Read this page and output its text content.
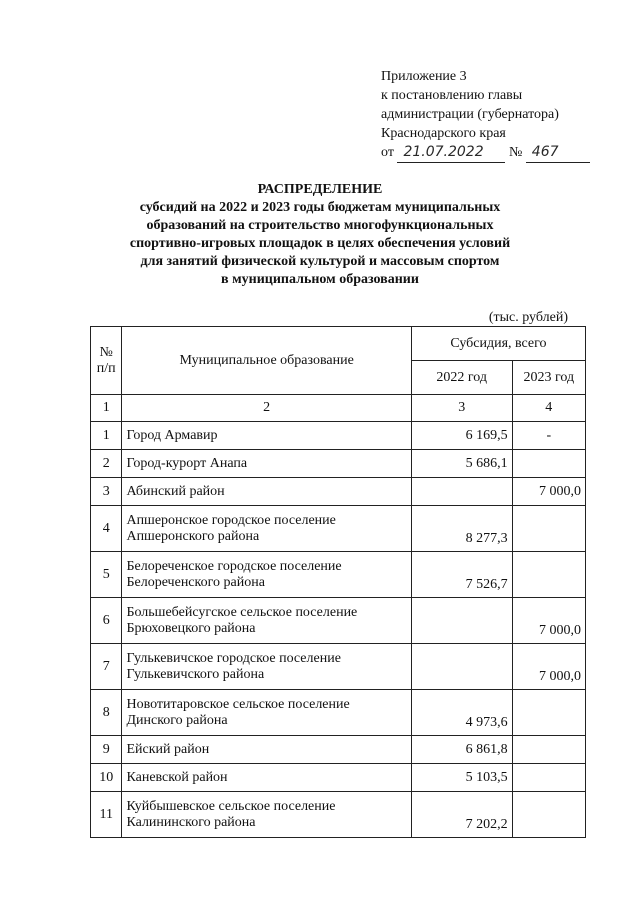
Приложение 3
к постановлению главы
администрации (губернатора)
Краснодарского края
от 21.07.2022 № 467
РАСПРЕДЕЛЕНИЕ
субсидий на 2022 и 2023 годы бюджетам муниципальных
образований на строительство многофункциональных
спортивно-игровых площадок в целях обеспечения условий
для занятий физической культурой и массовым спортом
в муниципальном образовании
(тыс. рублей)
№ п/п	Муниципальное образование	Субсидия, всего	
		2022 год	2023 год
1	2	3	4
1	Город Армавир	6 169,5	-
2	Город-курорт Анапа	5 686,1	
3	Абинский район		7 000,0
4	Апшеронское городское поселение Апшеронского района	8 277,3	
5	Белореченское городское поселение Белореченского района	7 526,7	
6	Большебейсугское сельское поселение Брюховецкого района		7 000,0
7	Гулькевичское городское поселение Гулькевичского района		7 000,0
8	Новотитаровское сельское поселение Динского района	4 973,6	
9	Ейский район	6 861,8	
10	Каневской район	5 103,5	
11	Куйбышевское сельское поселение Калининского района	7 202,2	
